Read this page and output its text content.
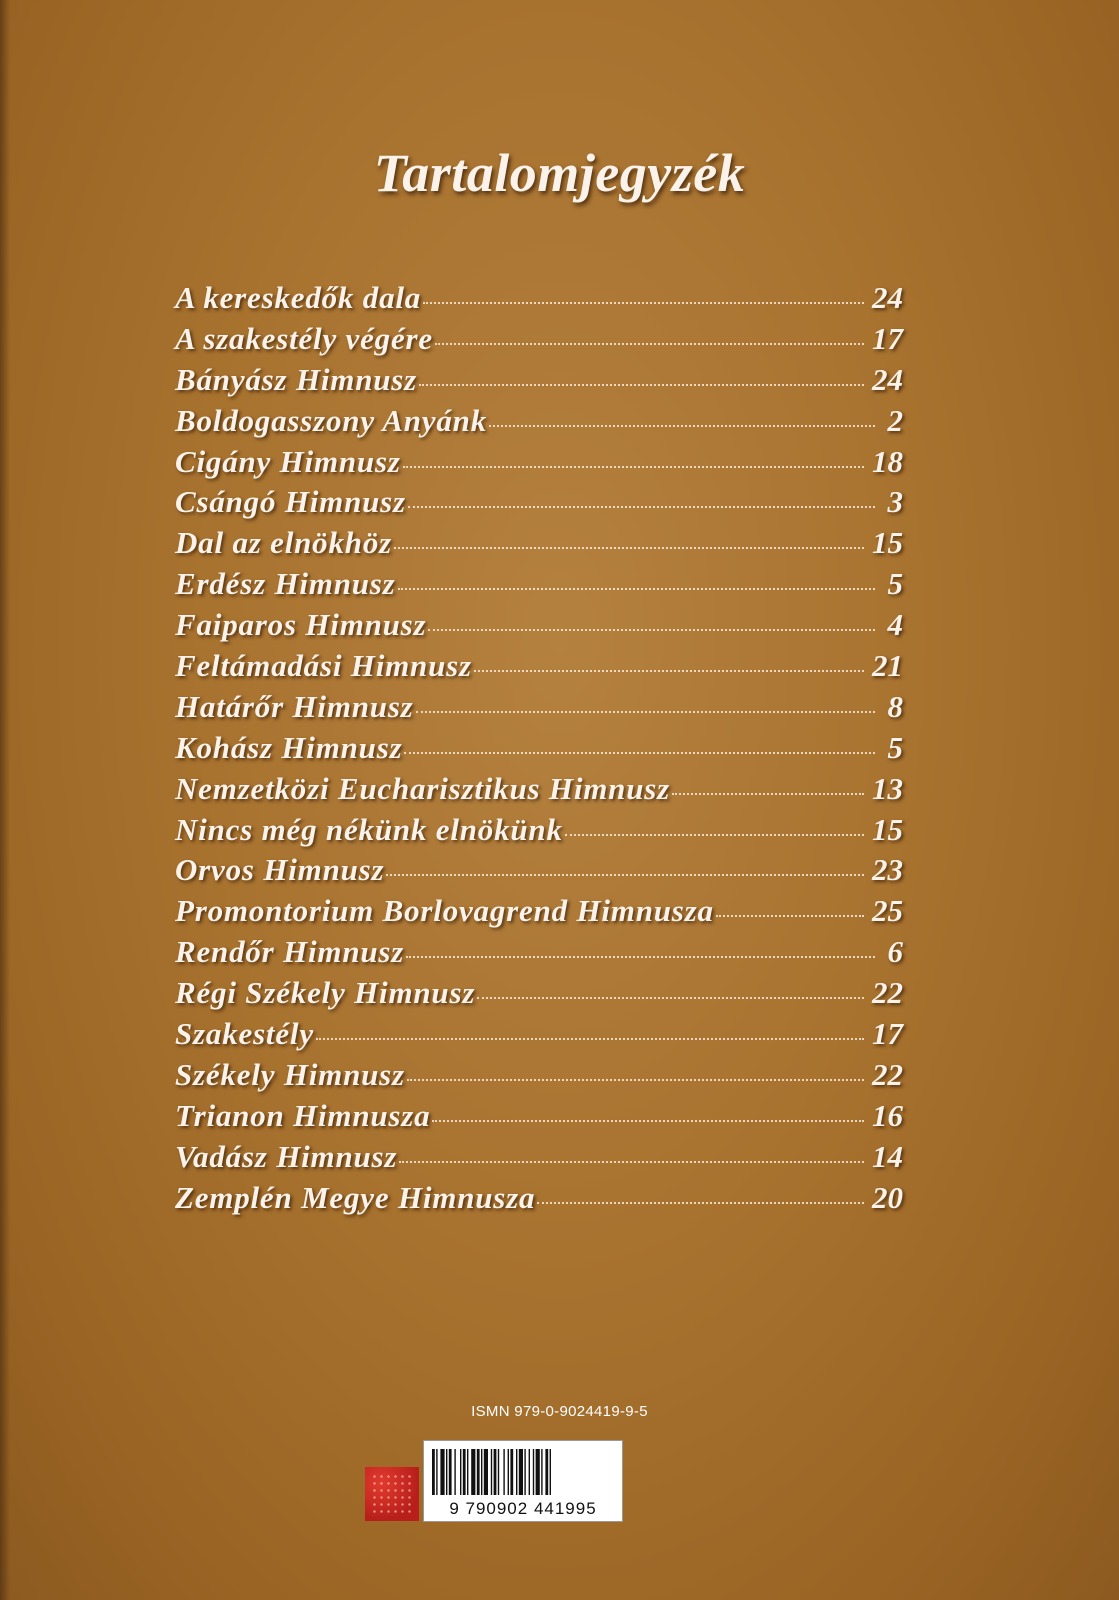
Tartalomjegyzék
A kereskedők dala	24
A szakestély végére	17
Bányász Himnusz	24
Boldogasszony Anyánk	2
Cigány Himnusz	18
Csángó Himnusz	3
Dal az elnökhöz	15
Erdész Himnusz	5
Faiparos Himnusz	4
Feltámadási Himnusz	21
Határőr Himnusz	8
Kohász Himnusz	5
Nemzetközi Eucharisztikus Himnusz	13
Nincs még nékünk elnökünk	15
Orvos Himnusz	23
Promontorium Borlovagrend Himnusza	25
Rendőr Himnusz	6
Régi Székely Himnusz	22
Szakestély	17
Székely Himnusz	22
Trianon Himnusza	16
Vadász Himnusz	14
Zemplén Megye Himnusza	20
ISMN 979-0-9024419-9-5
9 790902 441995
